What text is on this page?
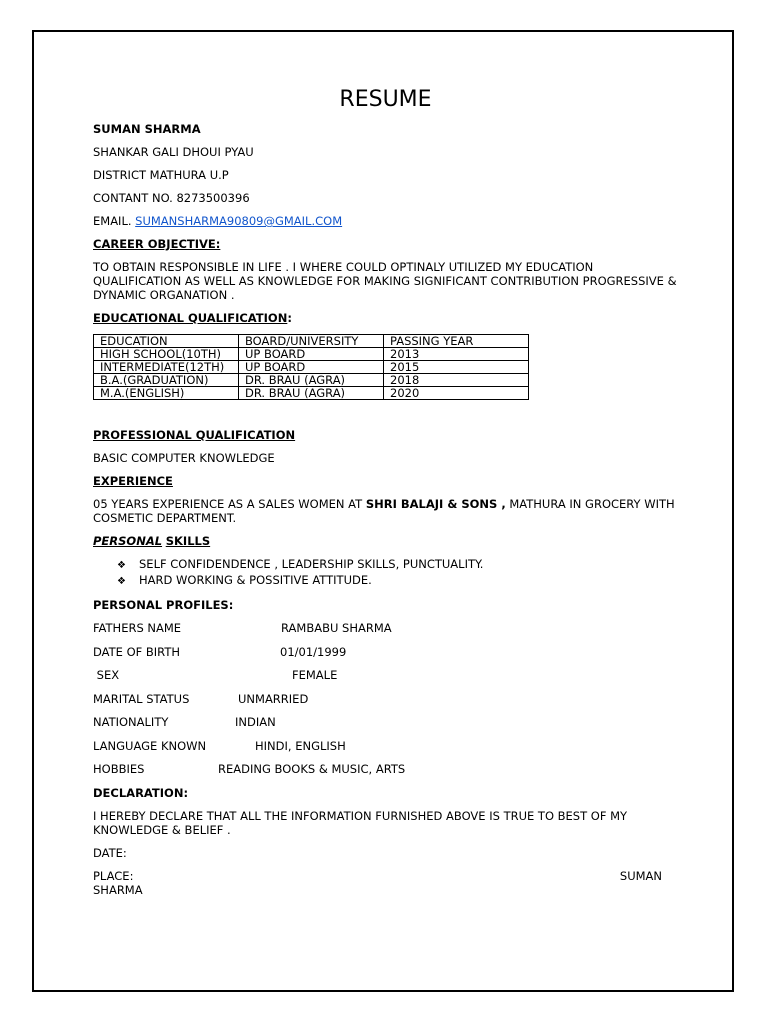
RESUME

SUMAN SHARMA

SHANKAR GALI DHOUI PYAU

DISTRICT MATHURA U.P

CONTANT NO. 8273500396

EMAIL. SUMANSHARMA90809@GMAIL.COM

CAREER OBJECTIVE:

TO OBTAIN RESPONSIBLE IN LIFE . I WHERE COULD OPTINALY UTILIZED MY EDUCATION QUALIFICATION AS WELL AS KNOWLEDGE FOR MAKING SIGNIFICANT CONTRIBUTION PROGRESSIVE & DYNAMIC ORGANATION .

EDUCATIONAL QUALIFICATION:

EDUCATION	BOARD/UNIVERSITY	PASSING YEAR
HIGH SCHOOL(10TH)	UP BOARD	2013
INTERMEDIATE(12TH)	UP BOARD	2015
B.A.(GRADUATION)	DR. BRAU (AGRA)	2018
M.A.(ENGLISH)	DR. BRAU (AGRA)	2020

PROFESSIONAL QUALIFICATION

BASIC COMPUTER KNOWLEDGE

EXPERIENCE

05 YEARS EXPERIENCE AS A SALES WOMEN AT SHRI BALAJI & SONS , MATHURA IN GROCERY WITH COSMETIC DEPARTMENT.

PERSONAL SKILLS

❖ SELF CONFIDENDENCE , LEADERSHIP SKILLS, PUNCTUALITY.
❖ HARD WORKING & POSSITIVE ATTITUDE.

PERSONAL PROFILES:

FATHERS NAME	RAMBABU SHARMA
DATE OF BIRTH	01/01/1999
SEX	FEMALE
MARITAL STATUS	UNMARRIED
NATIONALITY	INDIAN
LANGUAGE KNOWN	HINDI, ENGLISH
HOBBIES	READING BOOKS & MUSIC, ARTS

DECLARATION:

I HEREBY DECLARE THAT ALL THE INFORMATION FURNISHED ABOVE IS TRUE TO BEST OF MY KNOWLEDGE & BELIEF .

DATE:

PLACE:	SUMAN
SHARMA
